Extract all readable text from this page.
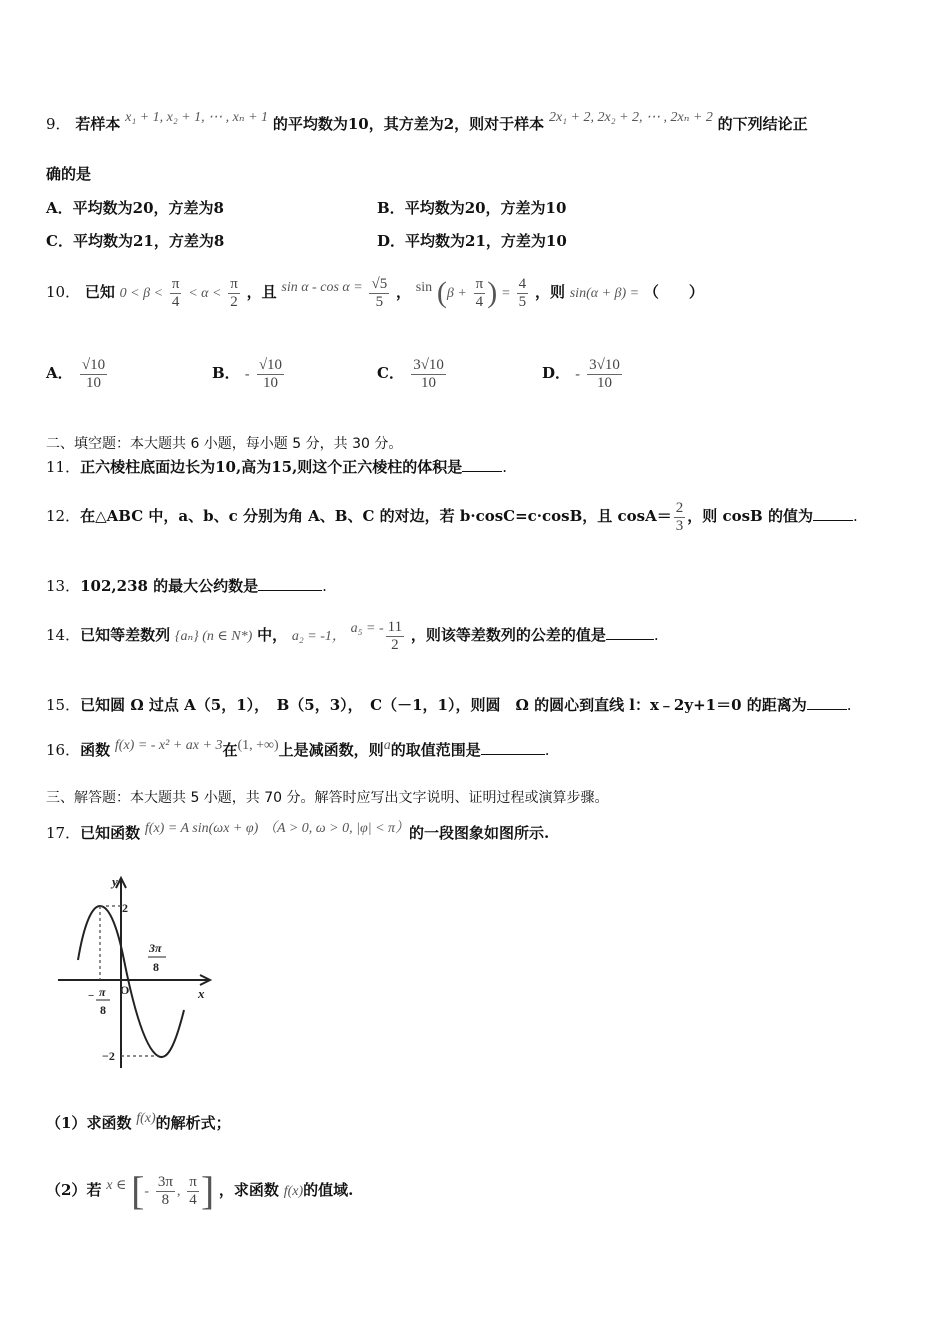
9． 若样本 x₁ + 1, x₂ + 1, ⋯ , xₙ + 1 的平均数为10，其方差为2，则对于样本 2x₁ + 2, 2x₂ + 2, ⋯ , 2xₙ + 2 的下列结论正
确的是
A．平均数为20，方差为8	B．平均数为20，方差为10
C．平均数为21，方差为8	D．平均数为21，方差为10
10． 已知 $0 < \beta < \frac{\pi}{4} < \alpha < \frac{\pi}{2}$ ，且 $\sin \alpha - \cos \alpha = \frac{√5}{5}$ ， $\sin (\beta + \frac{\pi}{4}$ ) = $\frac{4}{5}$ ，则 sin(α + β) = （　　）
A． $\frac{√10}{10}$	B． - $\frac{√10}{10}$	C． $\frac{3√10}{10}$	D． - $\frac{3√10}{10}$
二、填空题：本大题共 6 小题，每小题 5 分，共 30 分。
11．正六棱柱底面边长为10,高为15,则这个正六棱柱的体积是	.
12．在△ABC 中，a、b、c 分别为角 A、B、C 的对边，若 b·cosC=c·cosB，且 $\cos A= \frac{2}{3}$ ，则 cosB 的值为	.
13．102,238 的最大公约数是	.
14．已知等差数列 {aₙ} (n ∈ N*) 中， a₂ = -1， a₅ = - $\frac{11}{2}$ ，则该等差数列的公差的值是	.
15．已知圆 Ω 过点 A（5，1），　B（5，3），　C（－1，1），则圆　Ω 的圆心到直线 l：x﹣2y+1＝0 的距离为	.
16．函数 f(x) = - x² + ax + 3在(1, +∞)上是减函数，则a的取值范围是	.
三、解答题：本大题共 5 小题，共 70 分。解答时应写出文字说明、证明过程或演算步骤。
17．已知函数 f(x) = A sin(ωx + φ) （A > 0, ω > 0, |φ| < π）的一段图象如图所示.
y
x
O
2
−2
− π
8
3π
8
（1）求函数 f(x)的解析式；
（2）若 x ∈ [- $\frac{3\pi}{8}$ , $\frac{\pi}{4}$ ] ，求函数 f(x)的值域.
